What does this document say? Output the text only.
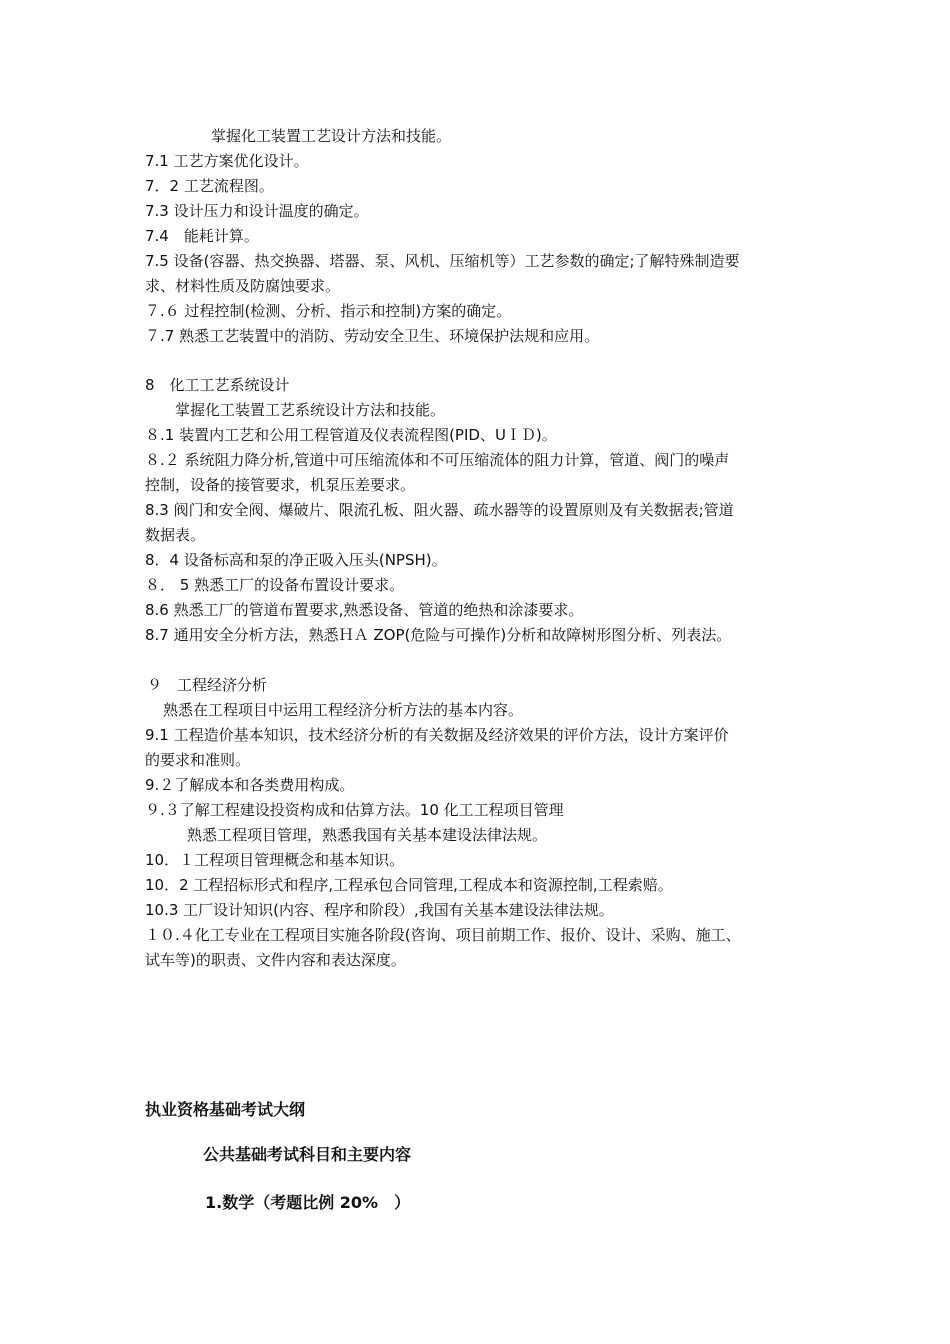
掌握化工装置工艺设计方法和技能。
7.1 工艺方案优化设计。
7．2 工艺流程图。
7.3 设计压力和设计温度的确定。
7.4　能耗计算。
7.5 设备(容器、热交换器、塔器、泵、风机、压缩机等）工艺参数的确定;了解特殊制造要
求、材料性质及防腐蚀要求。
７.６ 过程控制(检测、分析、指示和控制)方案的确定。
７.7 熟悉工艺装置中的消防、劳动安全卫生、环境保护法规和应用。
8　化工工艺系统设计
掌握化工装置工艺系统设计方法和技能。
８.1 装置内工艺和公用工程管道及仪表流程图(PID、UＩＤ)。
８.２ 系统阻力降分析,管道中可压缩流体和不可压缩流体的阻力计算，管道、阀门的噪声
控制，设备的接管要求，机泵压差要求。
8.3 阀门和安全阀、爆破片、限流孔板、阻火器、疏水器等的设置原则及有关数据表;管道
数据表。
8．4 设备标高和泵的净正吸入压头(NPSH)。
８． 5 熟悉工厂的设备布置设计要求。
8.6 熟悉工厂的管道布置要求,熟悉设备、管道的绝热和涂漆要求。
8.7 通用安全分析方法，熟悉ＨＡ ZOP(危险与可操作)分析和故障树形图分析、列表法。
９　工程经济分析
熟悉在工程项目中运用工程经济分析方法的基本内容。
9.1 工程造价基本知识，技术经济分析的有关数据及经济效果的评价方法，设计方案评价
的要求和准则。
9.２了解成本和各类费用构成。
９.３了解工程建设投资构成和估算方法。10 化工工程项目管理
熟悉工程项目管理，熟悉我国有关基本建设法律法规。
10．１工程项目管理概念和基本知识。
10．2 工程招标形式和程序,工程承包合同管理,工程成本和资源控制,工程索赔。
10.3 工厂设计知识(内容、程序和阶段）,我国有关基本建设法律法规。
１０.４化工专业在工程项目实施各阶段(咨询、项目前期工作、报价、设计、采购、施工、
试车等)的职责、文件内容和表达深度。
执业资格基础考试大纲
公共基础考试科目和主要内容
1.数学（考题比例 20%　）
